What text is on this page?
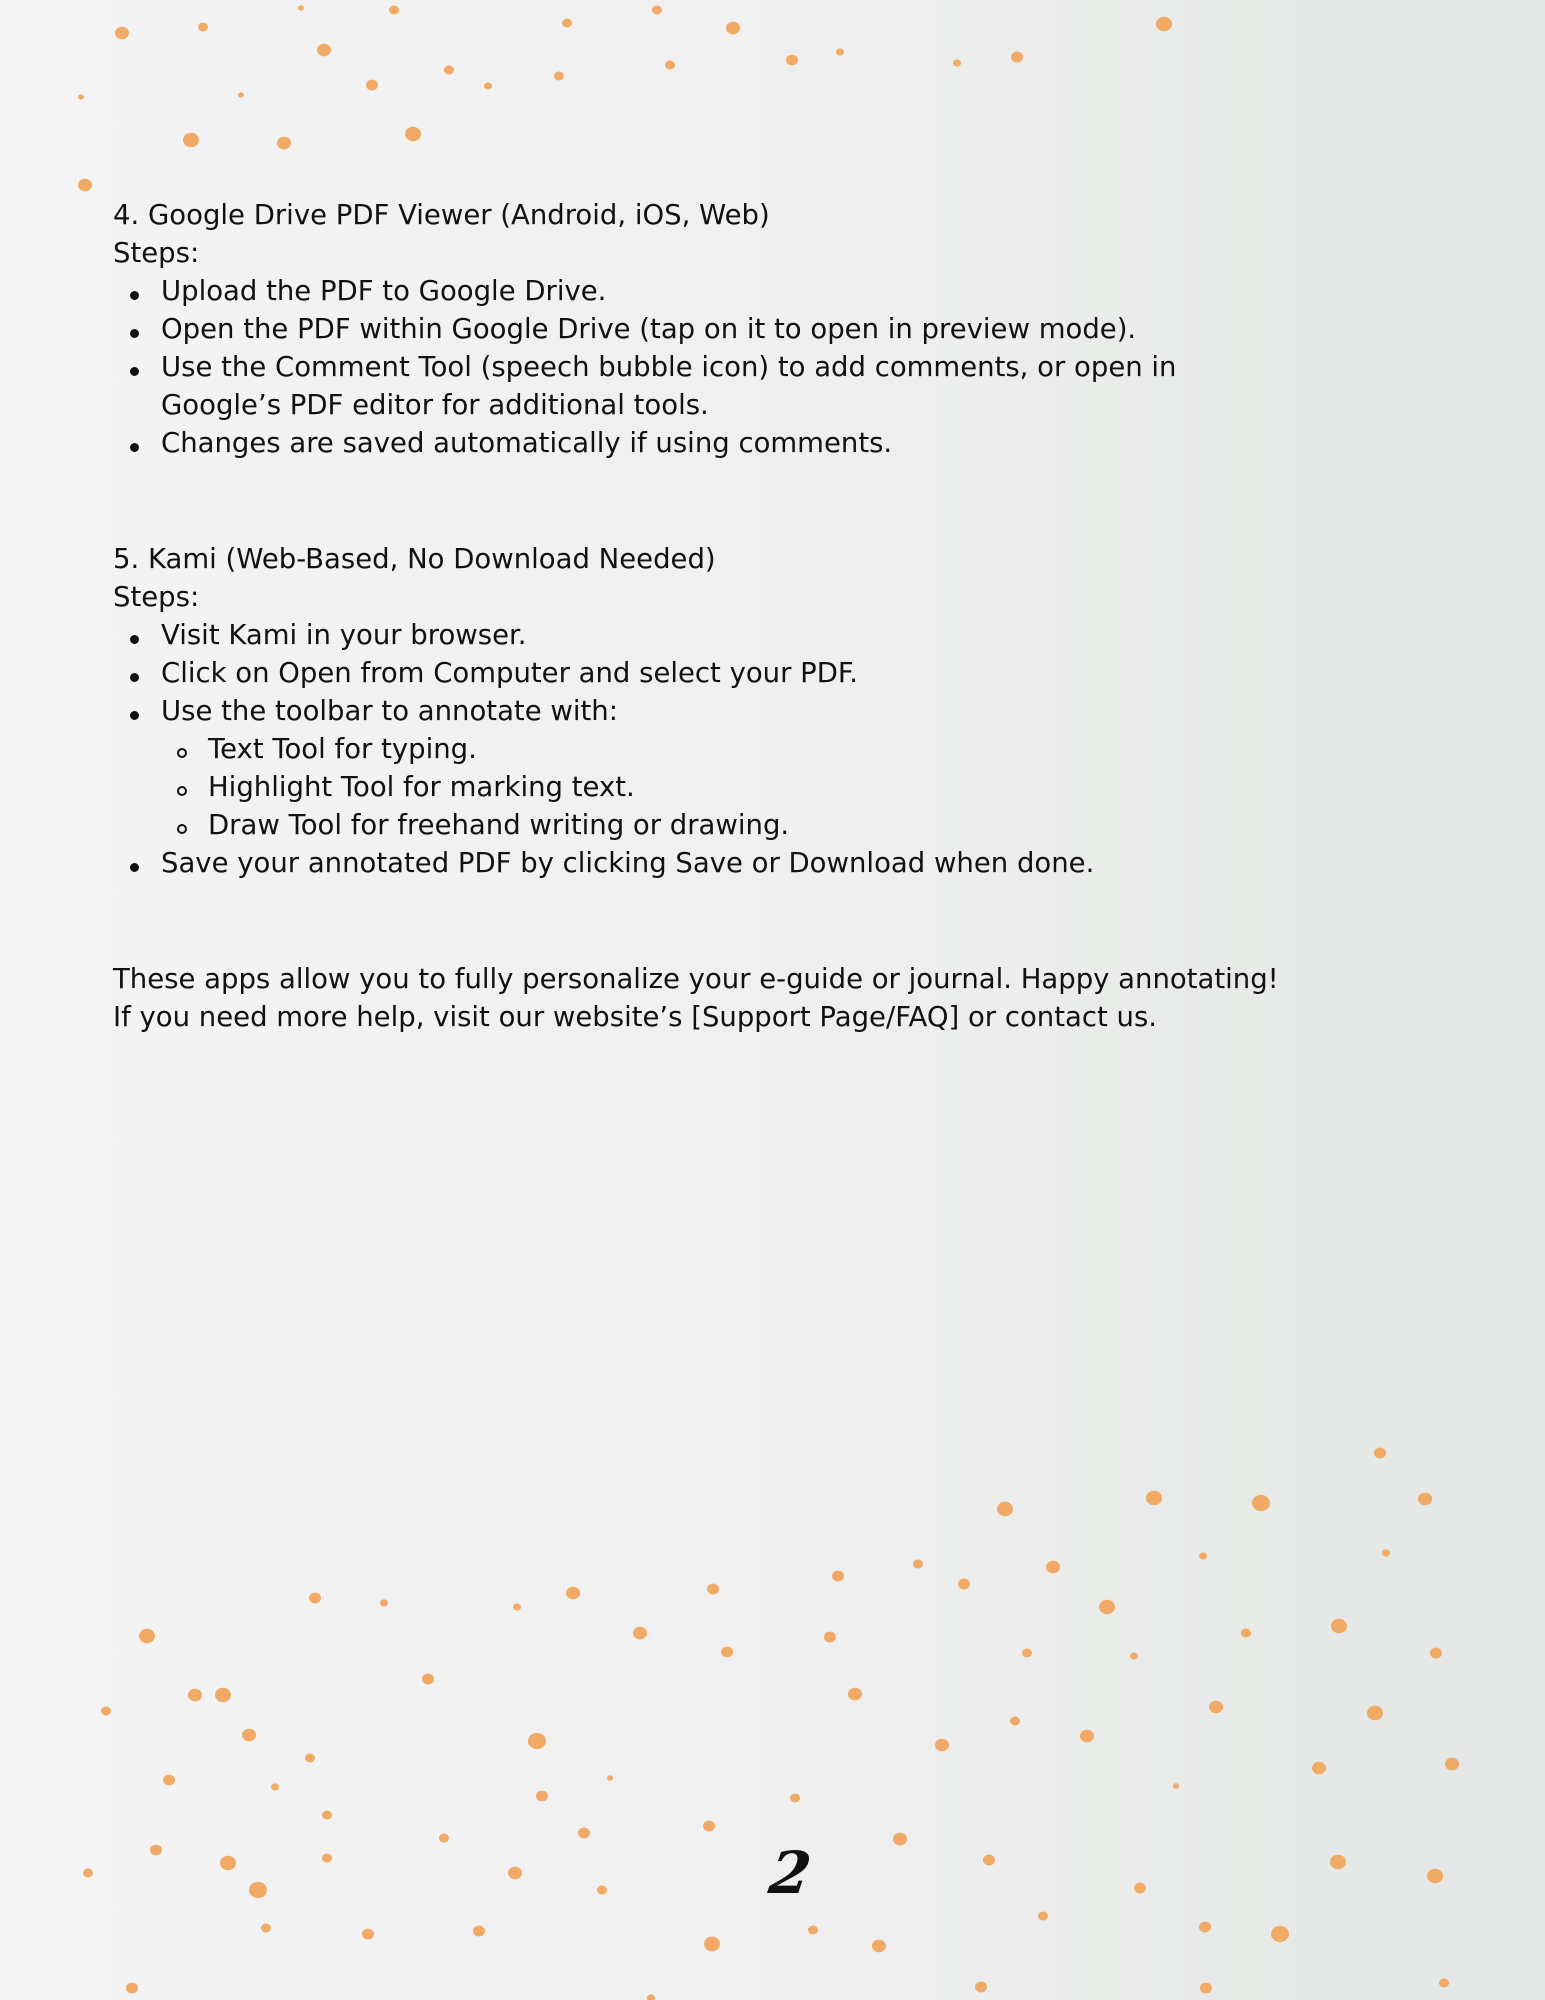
4. Google Drive PDF Viewer (Android, iOS, Web)

Steps:

Upload the PDF to Google Drive.
Open the PDF within Google Drive (tap on it to open in preview mode).
Use the Comment Tool (speech bubble icon) to add comments, or open in Google’s PDF editor for additional tools.
Changes are saved automatically if using comments.

5. Kami (Web-Based, No Download Needed)

Steps:

Visit Kami in your browser.
Click on Open from Computer and select your PDF.
Use the toolbar to annotate with:
Text Tool for typing.
Highlight Tool for marking text.
Draw Tool for freehand writing or drawing.
Save your annotated PDF by clicking Save or Download when done.

These apps allow you to fully personalize your e-guide or journal. Happy annotating! If you need more help, visit our website’s [Support Page/FAQ] or contact us.

2
